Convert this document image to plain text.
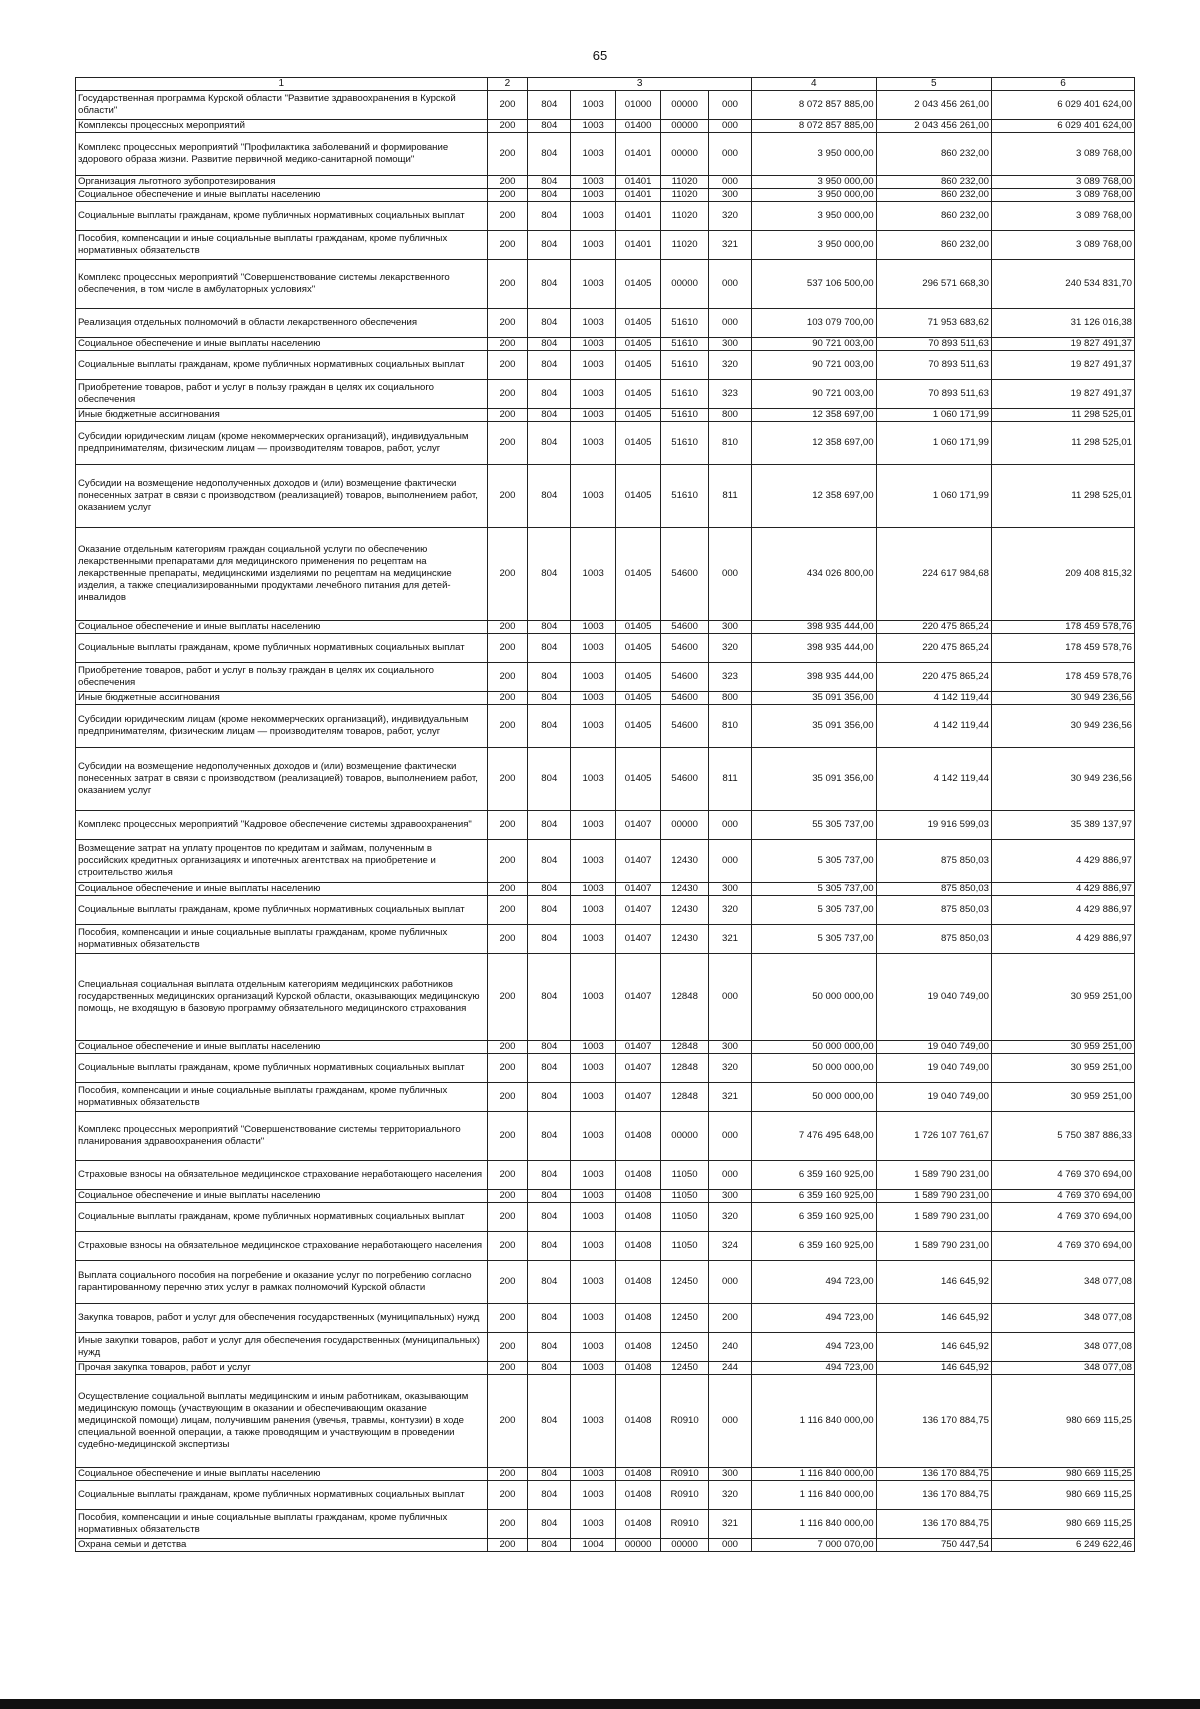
65
1	2	3					4	5	6
Государственная программа Курской области "Развитие здравоохранения в Курской области"	200	804	1003	01000	00000	000	8 072 857 885,00	2 043 456 261,00	6 029 401 624,00
Комплексы процессных мероприятий	200	804	1003	01400	00000	000	8 072 857 885,00	2 043 456 261,00	6 029 401 624,00
Комплекс процессных мероприятий "Профилактика заболеваний и формирование здорового образа жизни. Развитие первичной медико-санитарной помощи"	200	804	1003	01401	00000	000	3 950 000,00	860 232,00	3 089 768,00
Организация льготного зубопротезирования	200	804	1003	01401	11020	000	3 950 000,00	860 232,00	3 089 768,00
Социальное обеспечение и иные выплаты населению	200	804	1003	01401	11020	300	3 950 000,00	860 232,00	3 089 768,00
Социальные выплаты гражданам, кроме публичных нормативных социальных выплат	200	804	1003	01401	11020	320	3 950 000,00	860 232,00	3 089 768,00
Пособия, компенсации и иные социальные выплаты гражданам, кроме публичных нормативных обязательств	200	804	1003	01401	11020	321	3 950 000,00	860 232,00	3 089 768,00
Комплекс процессных мероприятий "Совершенствование системы лекарственного обеспечения, в том числе в амбулаторных условиях"	200	804	1003	01405	00000	000	537 106 500,00	296 571 668,30	240 534 831,70
Реализация отдельных полномочий в области лекарственного обеспечения	200	804	1003	01405	51610	000	103 079 700,00	71 953 683,62	31 126 016,38
Социальное обеспечение и иные выплаты населению	200	804	1003	01405	51610	300	90 721 003,00	70 893 511,63	19 827 491,37
Социальные выплаты гражданам, кроме публичных нормативных социальных выплат	200	804	1003	01405	51610	320	90 721 003,00	70 893 511,63	19 827 491,37
Приобретение товаров, работ и услуг в пользу граждан в целях их социального обеспечения	200	804	1003	01405	51610	323	90 721 003,00	70 893 511,63	19 827 491,37
Иные бюджетные ассигнования	200	804	1003	01405	51610	800	12 358 697,00	1 060 171,99	11 298 525,01
Субсидии юридическим лицам (кроме некоммерческих организаций), индивидуальным предпринимателям, физическим лицам — производителям товаров, работ, услуг	200	804	1003	01405	51610	810	12 358 697,00	1 060 171,99	11 298 525,01
Субсидии на возмещение недополученных доходов и (или) возмещение фактически понесенных затрат в связи с производством (реализацией) товаров, выполнением работ, оказанием услуг	200	804	1003	01405	51610	811	12 358 697,00	1 060 171,99	11 298 525,01
Оказание отдельным категориям граждан социальной услуги по обеспечению лекарственными препаратами для медицинского применения по рецептам на лекарственные препараты, медицинскими изделиями по рецептам на медицинские изделия, а также специализированными продуктами лечебного питания для детей-инвалидов	200	804	1003	01405	54600	000	434 026 800,00	224 617 984,68	209 408 815,32
Социальное обеспечение и иные выплаты населению	200	804	1003	01405	54600	300	398 935 444,00	220 475 865,24	178 459 578,76
Социальные выплаты гражданам, кроме публичных нормативных социальных выплат	200	804	1003	01405	54600	320	398 935 444,00	220 475 865,24	178 459 578,76
Приобретение товаров, работ и услуг в пользу граждан в целях их социального обеспечения	200	804	1003	01405	54600	323	398 935 444,00	220 475 865,24	178 459 578,76
Иные бюджетные ассигнования	200	804	1003	01405	54600	800	35 091 356,00	4 142 119,44	30 949 236,56
Субсидии юридическим лицам (кроме некоммерческих организаций), индивидуальным предпринимателям, физическим лицам — производителям товаров, работ, услуг	200	804	1003	01405	54600	810	35 091 356,00	4 142 119,44	30 949 236,56
Субсидии на возмещение недополученных доходов и (или) возмещение фактически понесенных затрат в связи с производством (реализацией) товаров, выполнением работ, оказанием услуг	200	804	1003	01405	54600	811	35 091 356,00	4 142 119,44	30 949 236,56
Комплекс процессных мероприятий "Кадровое обеспечение системы здравоохранения"	200	804	1003	01407	00000	000	55 305 737,00	19 916 599,03	35 389 137,97
Возмещение затрат на уплату процентов по кредитам и займам, полученным в российских кредитных организациях и ипотечных агентствах на приобретение и строительство жилья	200	804	1003	01407	12430	000	5 305 737,00	875 850,03	4 429 886,97
Социальное обеспечение и иные выплаты населению	200	804	1003	01407	12430	300	5 305 737,00	875 850,03	4 429 886,97
Социальные выплаты гражданам, кроме публичных нормативных социальных выплат	200	804	1003	01407	12430	320	5 305 737,00	875 850,03	4 429 886,97
Пособия, компенсации и иные социальные выплаты гражданам, кроме публичных нормативных обязательств	200	804	1003	01407	12430	321	5 305 737,00	875 850,03	4 429 886,97
Специальная социальная выплата отдельным категориям медицинских работников государственных медицинских организаций Курской области, оказывающих медицинскую помощь, не входящую в базовую программу обязательного медицинского страхования	200	804	1003	01407	12848	000	50 000 000,00	19 040 749,00	30 959 251,00
Социальное обеспечение и иные выплаты населению	200	804	1003	01407	12848	300	50 000 000,00	19 040 749,00	30 959 251,00
Социальные выплаты гражданам, кроме публичных нормативных социальных выплат	200	804	1003	01407	12848	320	50 000 000,00	19 040 749,00	30 959 251,00
Пособия, компенсации и иные социальные выплаты гражданам, кроме публичных нормативных обязательств	200	804	1003	01407	12848	321	50 000 000,00	19 040 749,00	30 959 251,00
Комплекс процессных мероприятий "Совершенствование системы территориального планирования здравоохранения области"	200	804	1003	01408	00000	000	7 476 495 648,00	1 726 107 761,67	5 750 387 886,33
Страховые взносы на обязательное медицинское страхование неработающего населения	200	804	1003	01408	11050	000	6 359 160 925,00	1 589 790 231,00	4 769 370 694,00
Социальное обеспечение и иные выплаты населению	200	804	1003	01408	11050	300	6 359 160 925,00	1 589 790 231,00	4 769 370 694,00
Социальные выплаты гражданам, кроме публичных нормативных социальных выплат	200	804	1003	01408	11050	320	6 359 160 925,00	1 589 790 231,00	4 769 370 694,00
Страховые взносы на обязательное медицинское страхование неработающего населения	200	804	1003	01408	11050	324	6 359 160 925,00	1 589 790 231,00	4 769 370 694,00
Выплата социального пособия на погребение и оказание услуг по погребению согласно гарантированному перечню этих услуг в рамках полномочий Курской области	200	804	1003	01408	12450	000	494 723,00	146 645,92	348 077,08
Закупка товаров, работ и услуг для обеспечения государственных (муниципальных) нужд	200	804	1003	01408	12450	200	494 723,00	146 645,92	348 077,08
Иные закупки товаров, работ и услуг для обеспечения государственных (муниципальных) нужд	200	804	1003	01408	12450	240	494 723,00	146 645,92	348 077,08
Прочая закупка товаров, работ и услуг	200	804	1003	01408	12450	244	494 723,00	146 645,92	348 077,08
Осуществление социальной выплаты медицинским и иным работникам, оказывающим медицинскую помощь (участвующим в оказании и обеспечивающим оказание медицинской помощи) лицам, получившим ранения (увечья, травмы, контузии) в ходе специальной военной операции, а также проводящим и участвующим в проведении судебно-медицинской экспертизы	200	804	1003	01408	R0910	000	1 116 840 000,00	136 170 884,75	980 669 115,25
Социальное обеспечение и иные выплаты населению	200	804	1003	01408	R0910	300	1 116 840 000,00	136 170 884,75	980 669 115,25
Социальные выплаты гражданам, кроме публичных нормативных социальных выплат	200	804	1003	01408	R0910	320	1 116 840 000,00	136 170 884,75	980 669 115,25
Пособия, компенсации и иные социальные выплаты гражданам, кроме публичных нормативных обязательств	200	804	1003	01408	R0910	321	1 116 840 000,00	136 170 884,75	980 669 115,25
Охрана семьи и детства	200	804	1004	00000	00000	000	7 000 070,00	750 447,54	6 249 622,46
